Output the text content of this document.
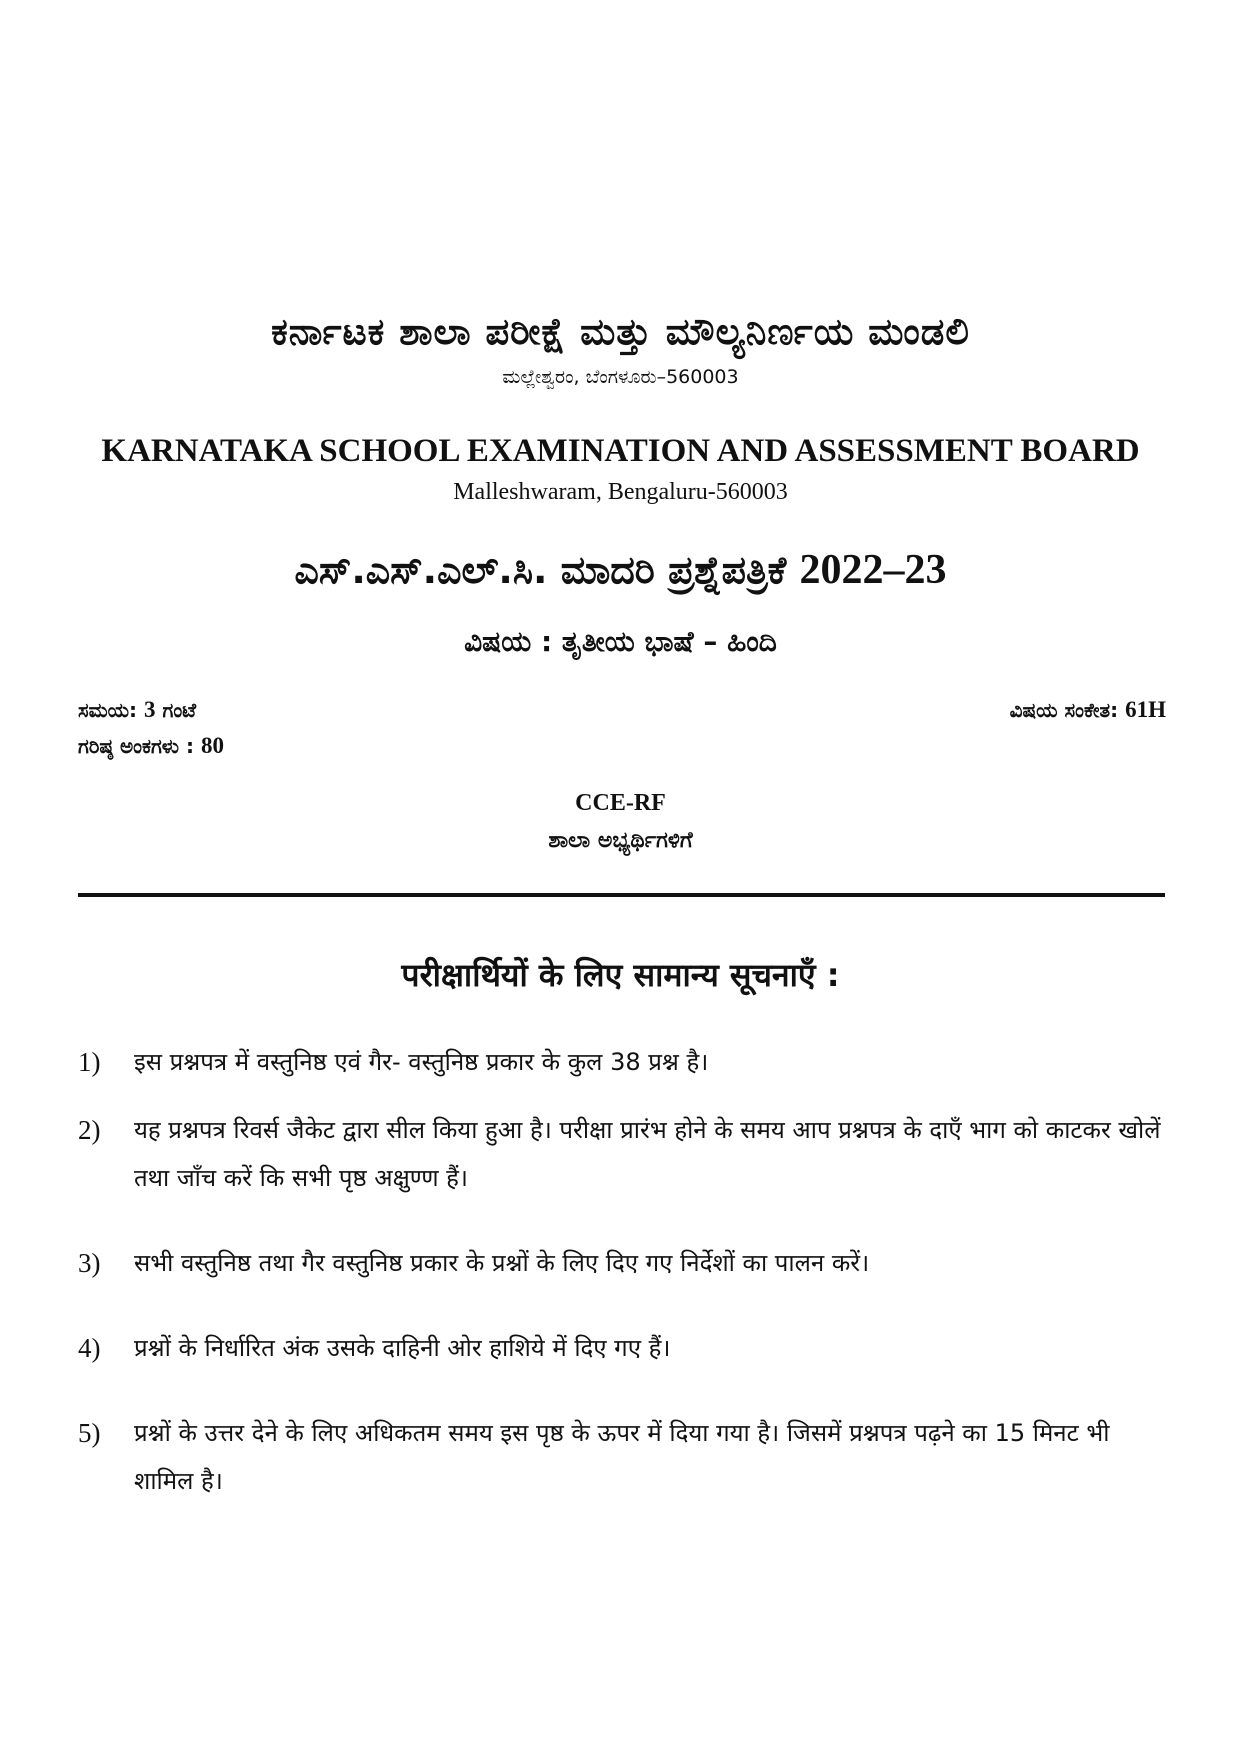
ಕರ್ನಾಟಕ ಶಾಲಾ ಪರೀಕ್ಷೆ ಮತ್ತು ಮೌಲ್ಯನಿರ್ಣಯ ಮಂಡಲಿ
ಮಲ್ಲೇಶ್ವರಂ, ಬೆಂಗಳೂರು–560003
KARNATAKA SCHOOL EXAMINATION AND ASSESSMENT BOARD
Malleshwaram, Bengaluru-560003
ಎಸ್.ಎಸ್.ಎಲ್.ಸಿ. ಮಾದರಿ ಪ್ರಶ್ನೆಪತ್ರಿಕೆ 2022–23
ವಿಷಯ : ತೃತೀಯ ಭಾಷೆ – ಹಿಂದಿ
ಸಮಯ: 3 ಗಂಟೆ
ಗರಿಷ್ಠ ಅಂಕಗಳು : 80
ವಿಷಯ ಸಂಕೇತ: 61H
CCE-RF
ಶಾಲಾ ಅಭ್ಯರ್ಥಿಗಳಿಗೆ
परीक्षार्थियों के लिए सामान्य सूचनाएँ :
1) इस प्रश्नपत्र में वस्तुनिष्ठ एवं गैर- वस्तुनिष्ठ प्रकार के कुल 38 प्रश्न है।
2) यह प्रश्नपत्र रिवर्स जैकेट द्वारा सील किया हुआ है। परीक्षा प्रारंभ होने के समय आप प्रश्नपत्र के दाएँ भाग को काटकर खोलें तथा जाँच करें कि सभी पृष्ठ अक्षुण्ण हैं।
3) सभी वस्तुनिष्ठ तथा गैर वस्तुनिष्ठ प्रकार के प्रश्नों के लिए दिए गए निर्देशों का पालन करें।
4) प्रश्नों के निर्धारित अंक उसके दाहिनी ओर हाशिये में दिए गए हैं।
5) प्रश्नों के उत्तर देने के लिए अधिकतम समय इस पृष्ठ के ऊपर में दिया गया है। जिसमें प्रश्नपत्र पढ़ने का 15 मिनट भी शामिल है।
